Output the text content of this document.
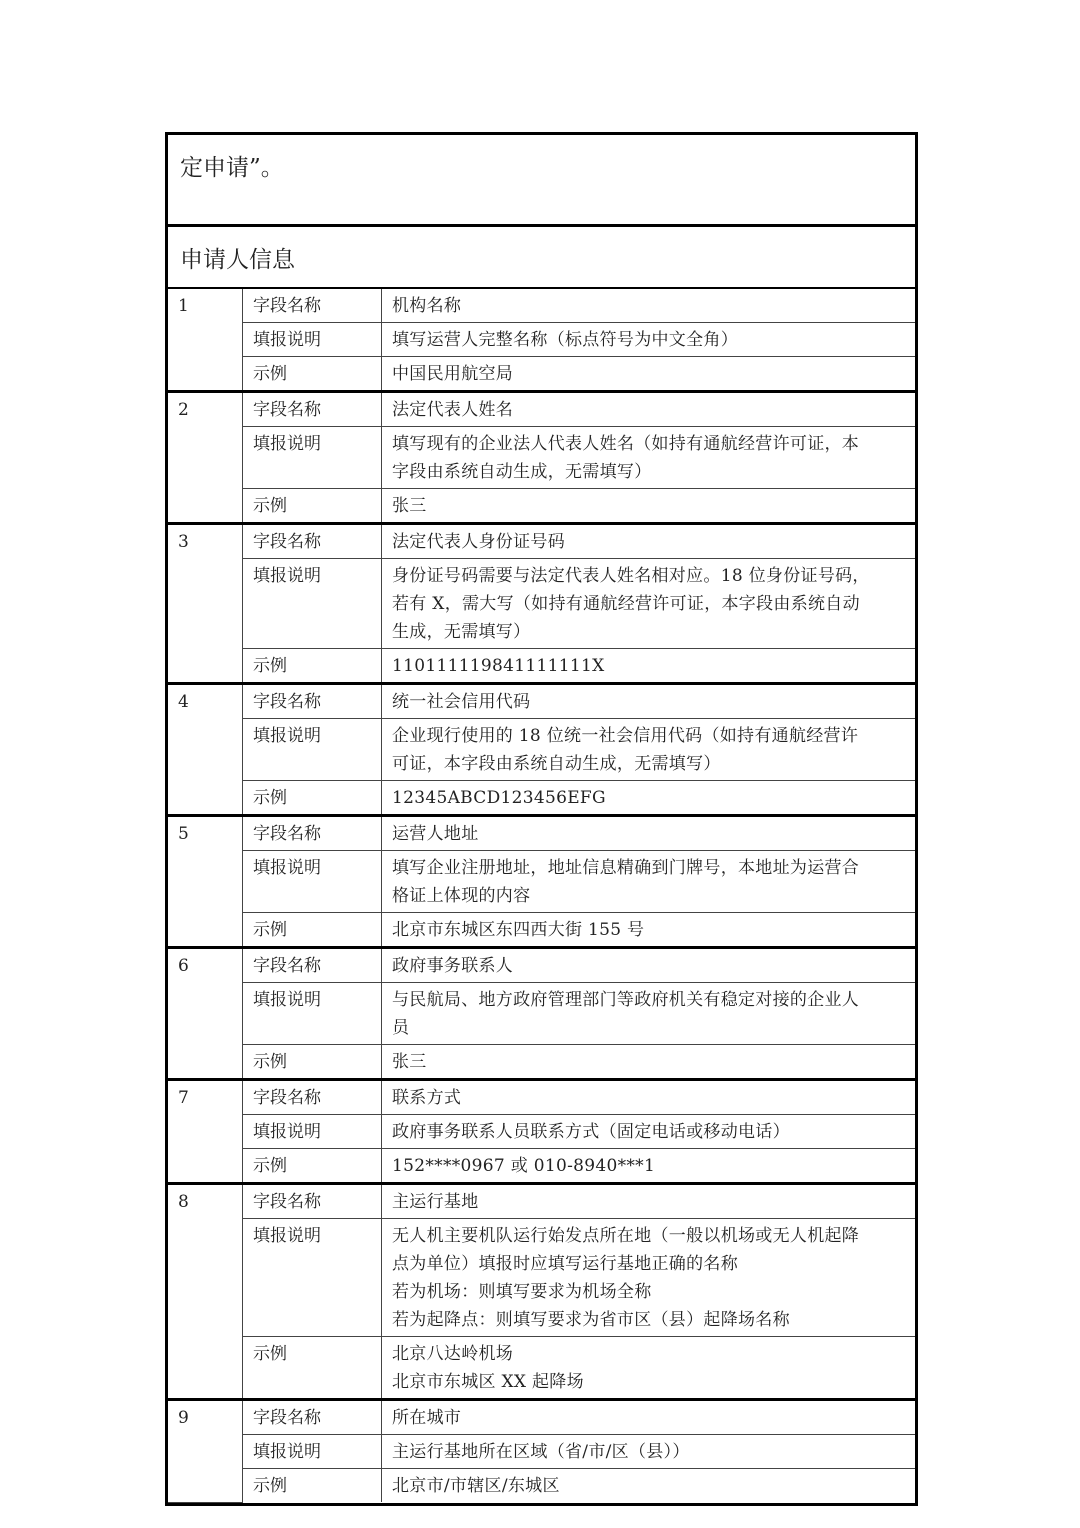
定申请”。
申请人信息
1	字段名称	机构名称

	填报说明	填写运营人完整名称（标点符号为中文全角）

	示例	中国民用航空局

2	字段名称	法定代表人姓名

	填报说明	填写现有的企业法人代表人姓名（如持有通航经营许可证，本
字段由系统自动生成，无需填写）

	示例	张三

3	字段名称	法定代表人身份证号码

	填报说明	身份证号码需要与法定代表人姓名相对应。18 位身份证号码，
若有 X，需大写（如持有通航经营许可证，本字段由系统自动
生成，无需填写）

	示例	110111119841111111X

4	字段名称	统一社会信用代码

	填报说明	企业现行使用的 18 位统一社会信用代码（如持有通航经营许
可证，本字段由系统自动生成，无需填写）

	示例	12345ABCD123456EFG

5	字段名称	运营人地址

	填报说明	填写企业注册地址，地址信息精确到门牌号，本地址为运营合
格证上体现的内容

	示例	北京市东城区东四西大街 155 号

6	字段名称	政府事务联系人

	填报说明	与民航局、地方政府管理部门等政府机关有稳定对接的企业人
员

	示例	张三

7	字段名称	联系方式

	填报说明	政府事务联系人员联系方式（固定电话或移动电话）

	示例	152****0967 或 010-8940***1

8	字段名称	主运行基地

	填报说明	无人机主要机队运行始发点所在地（一般以机场或无人机起降
点为单位）填报时应填写运行基地正确的名称
若为机场：则填写要求为机场全称
若为起降点：则填写要求为省市区（县）起降场名称

	示例	北京八达岭机场
北京市东城区 XX 起降场

9	字段名称	所在城市

	填报说明	主运行基地所在区域（省/市/区（县））

	示例	北京市/市辖区/东城区
